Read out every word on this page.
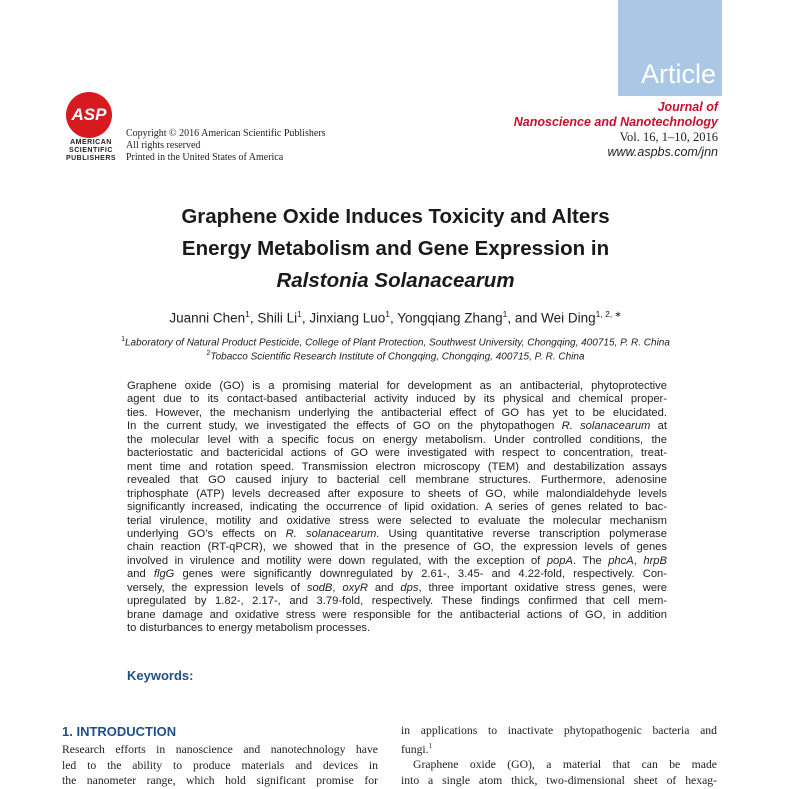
Article
ASP
AMERICAN
SCIENTIFIC
PUBLISHERS
Copyright © 2016 American Scientific Publishers
All rights reserved
Printed in the United States of America
Journal of
Nanoscience and Nanotechnology
Vol. 16, 1–10, 2016
www.aspbs.com/jnn
Graphene Oxide Induces Toxicity and Alters
Energy Metabolism and Gene Expression in
Ralstonia Solanacearum
Juanni Chen$^1$, Shili Li$^1$, Jinxiang Luo$^1$, Yongqiang Zhang$^1$, and Wei Ding$^{1, 2, ∗}$
$^1$Laboratory of Natural Product Pesticide, College of Plant Protection, Southwest University, Chongqing, 400715, P. R. China
$^2$Tobacco Scientific Research Institute of Chongqing, Chongqing, 400715, P. R. China
Graphene oxide (GO) is a promising material for development as an antibacterial, phytoprotective
agent due to its contact-based antibacterial activity induced by its physical and chemical proper-
ties. However, the mechanism underlying the antibacterial effect of GO has yet to be elucidated.
In the current study, we investigated the effects of GO on the phytopathogen R. solanacearum at
the molecular level with a specific focus on energy metabolism. Under controlled conditions, the
bacteriostatic and bactericidal actions of GO were investigated with respect to concentration, treat-
ment time and rotation speed. Transmission electron microscopy (TEM) and destabilization assays
revealed that GO caused injury to bacterial cell membrane structures. Furthermore, adenosine
triphosphate (ATP) levels decreased after exposure to sheets of GO, while malondialdehyde levels
significantly increased, indicating the occurrence of lipid oxidation. A series of genes related to bac-
terial virulence, motility and oxidative stress were selected to evaluate the molecular mechanism
underlying GO’s effects on R. solanacearum. Using quantitative reverse transcription polymerase
chain reaction (RT-qPCR), we showed that in the presence of GO, the expression levels of genes
involved in virulence and motility were down regulated, with the exception of popA. The phcA, hrpB
and flgG genes were significantly downregulated by 2.61-, 3.45- and 4.22-fold, respectively. Con-
versely, the expression levels of sodB, oxyR and dps, three important oxidative stress genes, were
upregulated by 1.82-, 2.17-, and 3.79-fold, respectively. These findings confirmed that cell mem-
brane damage and oxidative stress were responsible for the antibacterial actions of GO, in addition
to disturbances to energy metabolism processes.
Keywords:
1. INTRODUCTION
Research efforts in nanoscience and nanotechnology have
led to the ability to produce materials and devices in
the nanometer range, which hold significant promise for
in applications to inactivate phytopathogenic bacteria and
fungi.$^1$
Graphene oxide (GO), a material that can be made
into a single atom thick, two-dimensional sheet of hexag-
